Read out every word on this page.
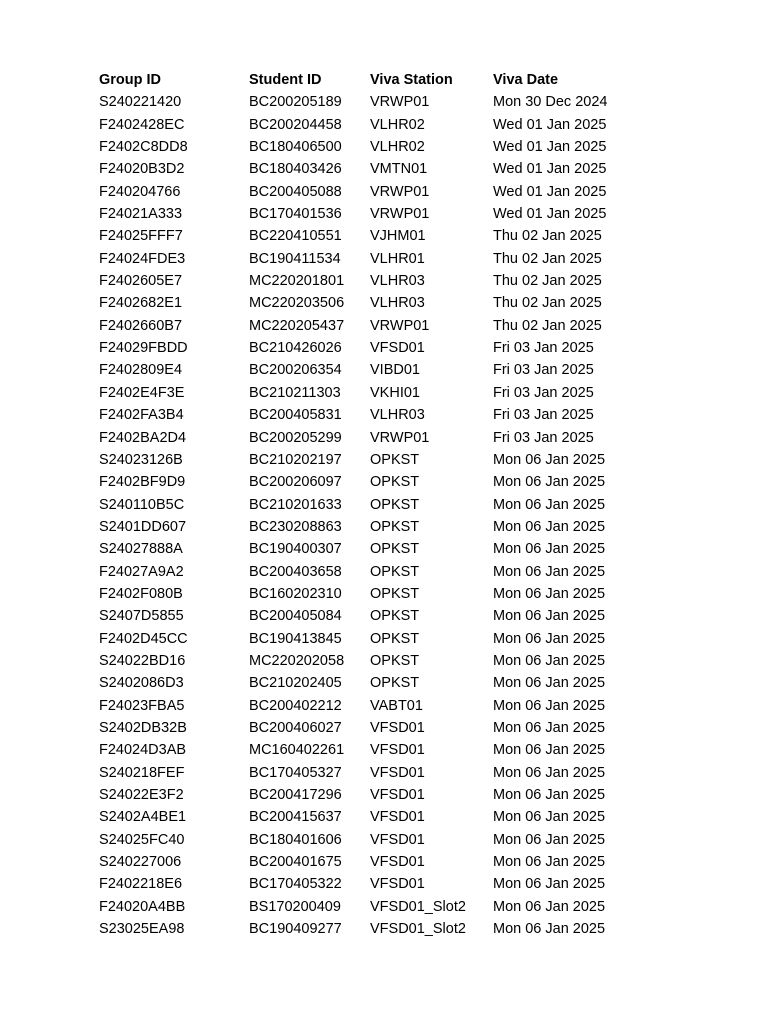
Group ID	Student ID	Viva Station	Viva Date
S240221420	BC200205189	VRWP01	Mon 30 Dec 2024
F2402428EC	BC200204458	VLHR02	Wed 01 Jan 2025
F2402C8DD8	BC180406500	VLHR02	Wed 01 Jan 2025
F24020B3D2	BC180403426	VMTN01	Wed 01 Jan 2025
F240204766	BC200405088	VRWP01	Wed 01 Jan 2025
F24021A333	BC170401536	VRWP01	Wed 01 Jan 2025
F24025FFF7	BC220410551	VJHM01	Thu 02 Jan 2025
F24024FDE3	BC190411534	VLHR01	Thu 02 Jan 2025
F2402605E7	MC220201801	VLHR03	Thu 02 Jan 2025
F2402682E1	MC220203506	VLHR03	Thu 02 Jan 2025
F2402660B7	MC220205437	VRWP01	Thu 02 Jan 2025
F24029FBDD	BC210426026	VFSD01	Fri 03 Jan 2025
F2402809E4	BC200206354	VIBD01	Fri 03 Jan 2025
F2402E4F3E	BC210211303	VKHI01	Fri 03 Jan 2025
F2402FA3B4	BC200405831	VLHR03	Fri 03 Jan 2025
F2402BA2D4	BC200205299	VRWP01	Fri 03 Jan 2025
S24023126B	BC210202197	OPKST	Mon 06 Jan 2025
F2402BF9D9	BC200206097	OPKST	Mon 06 Jan 2025
S240110B5C	BC210201633	OPKST	Mon 06 Jan 2025
S2401DD607	BC230208863	OPKST	Mon 06 Jan 2025
S24027888A	BC190400307	OPKST	Mon 06 Jan 2025
F24027A9A2	BC200403658	OPKST	Mon 06 Jan 2025
F2402F080B	BC160202310	OPKST	Mon 06 Jan 2025
S2407D5855	BC200405084	OPKST	Mon 06 Jan 2025
F2402D45CC	BC190413845	OPKST	Mon 06 Jan 2025
S24022BD16	MC220202058	OPKST	Mon 06 Jan 2025
S2402086D3	BC210202405	OPKST	Mon 06 Jan 2025
F24023FBA5	BC200402212	VABT01	Mon 06 Jan 2025
S2402DB32B	BC200406027	VFSD01	Mon 06 Jan 2025
F24024D3AB	MC160402261	VFSD01	Mon 06 Jan 2025
S240218FEF	BC170405327	VFSD01	Mon 06 Jan 2025
S24022E3F2	BC200417296	VFSD01	Mon 06 Jan 2025
S2402A4BE1	BC200415637	VFSD01	Mon 06 Jan 2025
S24025FC40	BC180401606	VFSD01	Mon 06 Jan 2025
S240227006	BC200401675	VFSD01	Mon 06 Jan 2025
F2402218E6	BC170405322	VFSD01	Mon 06 Jan 2025
F24020A4BB	BS170200409	VFSD01_Slot2	Mon 06 Jan 2025
S23025EA98	BC190409277	VFSD01_Slot2	Mon 06 Jan 2025
